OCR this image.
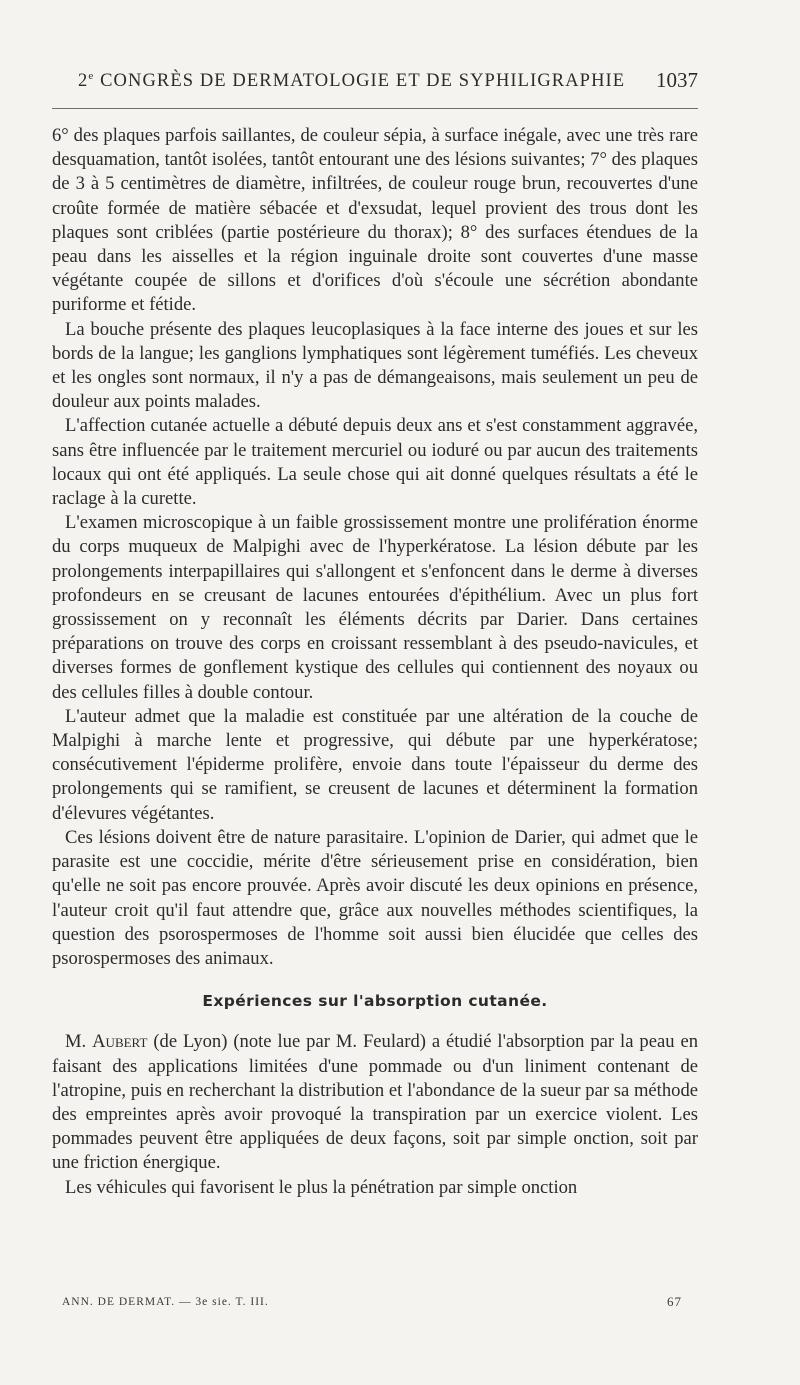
2e CONGRÈS DE DERMATOLOGIE ET DE SYPHILIGRAPHIE 1037

6° des plaques parfois saillantes, de couleur sépia, à surface inégale, avec une très rare desquamation, tantôt isolées, tantôt entourant une des lésions suivantes; 7° des plaques de 3 à 5 centimètres de diamètre, infiltrées, de couleur rouge brun, recouvertes d'une croûte formée de matière sébacée et d'exsudat, lequel provient des trous dont les plaques sont criblées (partie postérieure du thorax); 8° des surfaces étendues de la peau dans les aisselles et la région inguinale droite sont couvertes d'une masse végétante coupée de sillons et d'orifices d'où s'écoule une sécrétion abondante puriforme et fétide.

La bouche présente des plaques leucoplasiques à la face interne des joues et sur les bords de la langue; les ganglions lymphatiques sont légèrement tuméfiés. Les cheveux et les ongles sont normaux, il n'y a pas de démangeaisons, mais seulement un peu de douleur aux points malades.

L'affection cutanée actuelle a débuté depuis deux ans et s'est constamment aggravée, sans être influencée par le traitement mercuriel ou ioduré ou par aucun des traitements locaux qui ont été appliqués. La seule chose qui ait donné quelques résultats a été le raclage à la curette.

L'examen microscopique à un faible grossissement montre une prolifération énorme du corps muqueux de Malpighi avec de l'hyperkératose. La lésion débute par les prolongements interpapillaires qui s'allongent et s'enfoncent dans le derme à diverses profondeurs en se creusant de lacunes entourées d'épithélium. Avec un plus fort grossissement on y reconnaît les éléments décrits par Darier. Dans certaines préparations on trouve des corps en croissant ressemblant à des pseudo-navicules, et diverses formes de gonflement kystique des cellules qui contiennent des noyaux ou des cellules filles à double contour.

L'auteur admet que la maladie est constituée par une altération de la couche de Malpighi à marche lente et progressive, qui débute par une hyperkératose; consécutivement l'épiderme prolifère, envoie dans toute l'épaisseur du derme des prolongements qui se ramifient, se creusent de lacunes et déterminent la formation d'élevures végétantes.

Ces lésions doivent être de nature parasitaire. L'opinion de Darier, qui admet que le parasite est une coccidie, mérite d'être sérieusement prise en considération, bien qu'elle ne soit pas encore prouvée. Après avoir discuté les deux opinions en présence, l'auteur croit qu'il faut attendre que, grâce aux nouvelles méthodes scientifiques, la question des psorospermoses de l'homme soit aussi bien élucidée que celles des psorospermoses des animaux.

Expériences sur l'absorption cutanée.

M. Aubert (de Lyon) (note lue par M. Feulard) a étudié l'absorption par la peau en faisant des applications limitées d'une pommade ou d'un liniment contenant de l'atropine, puis en recherchant la distribution et l'abondance de la sueur par sa méthode des empreintes après avoir provoqué la transpiration par un exercice violent. Les pommades peuvent être appliquées de deux façons, soit par simple onction, soit par une friction énergique.

Les véhicules qui favorisent le plus la pénétration par simple onction

ANN. DE DERMAT. — 3e sie. T. III.	67
